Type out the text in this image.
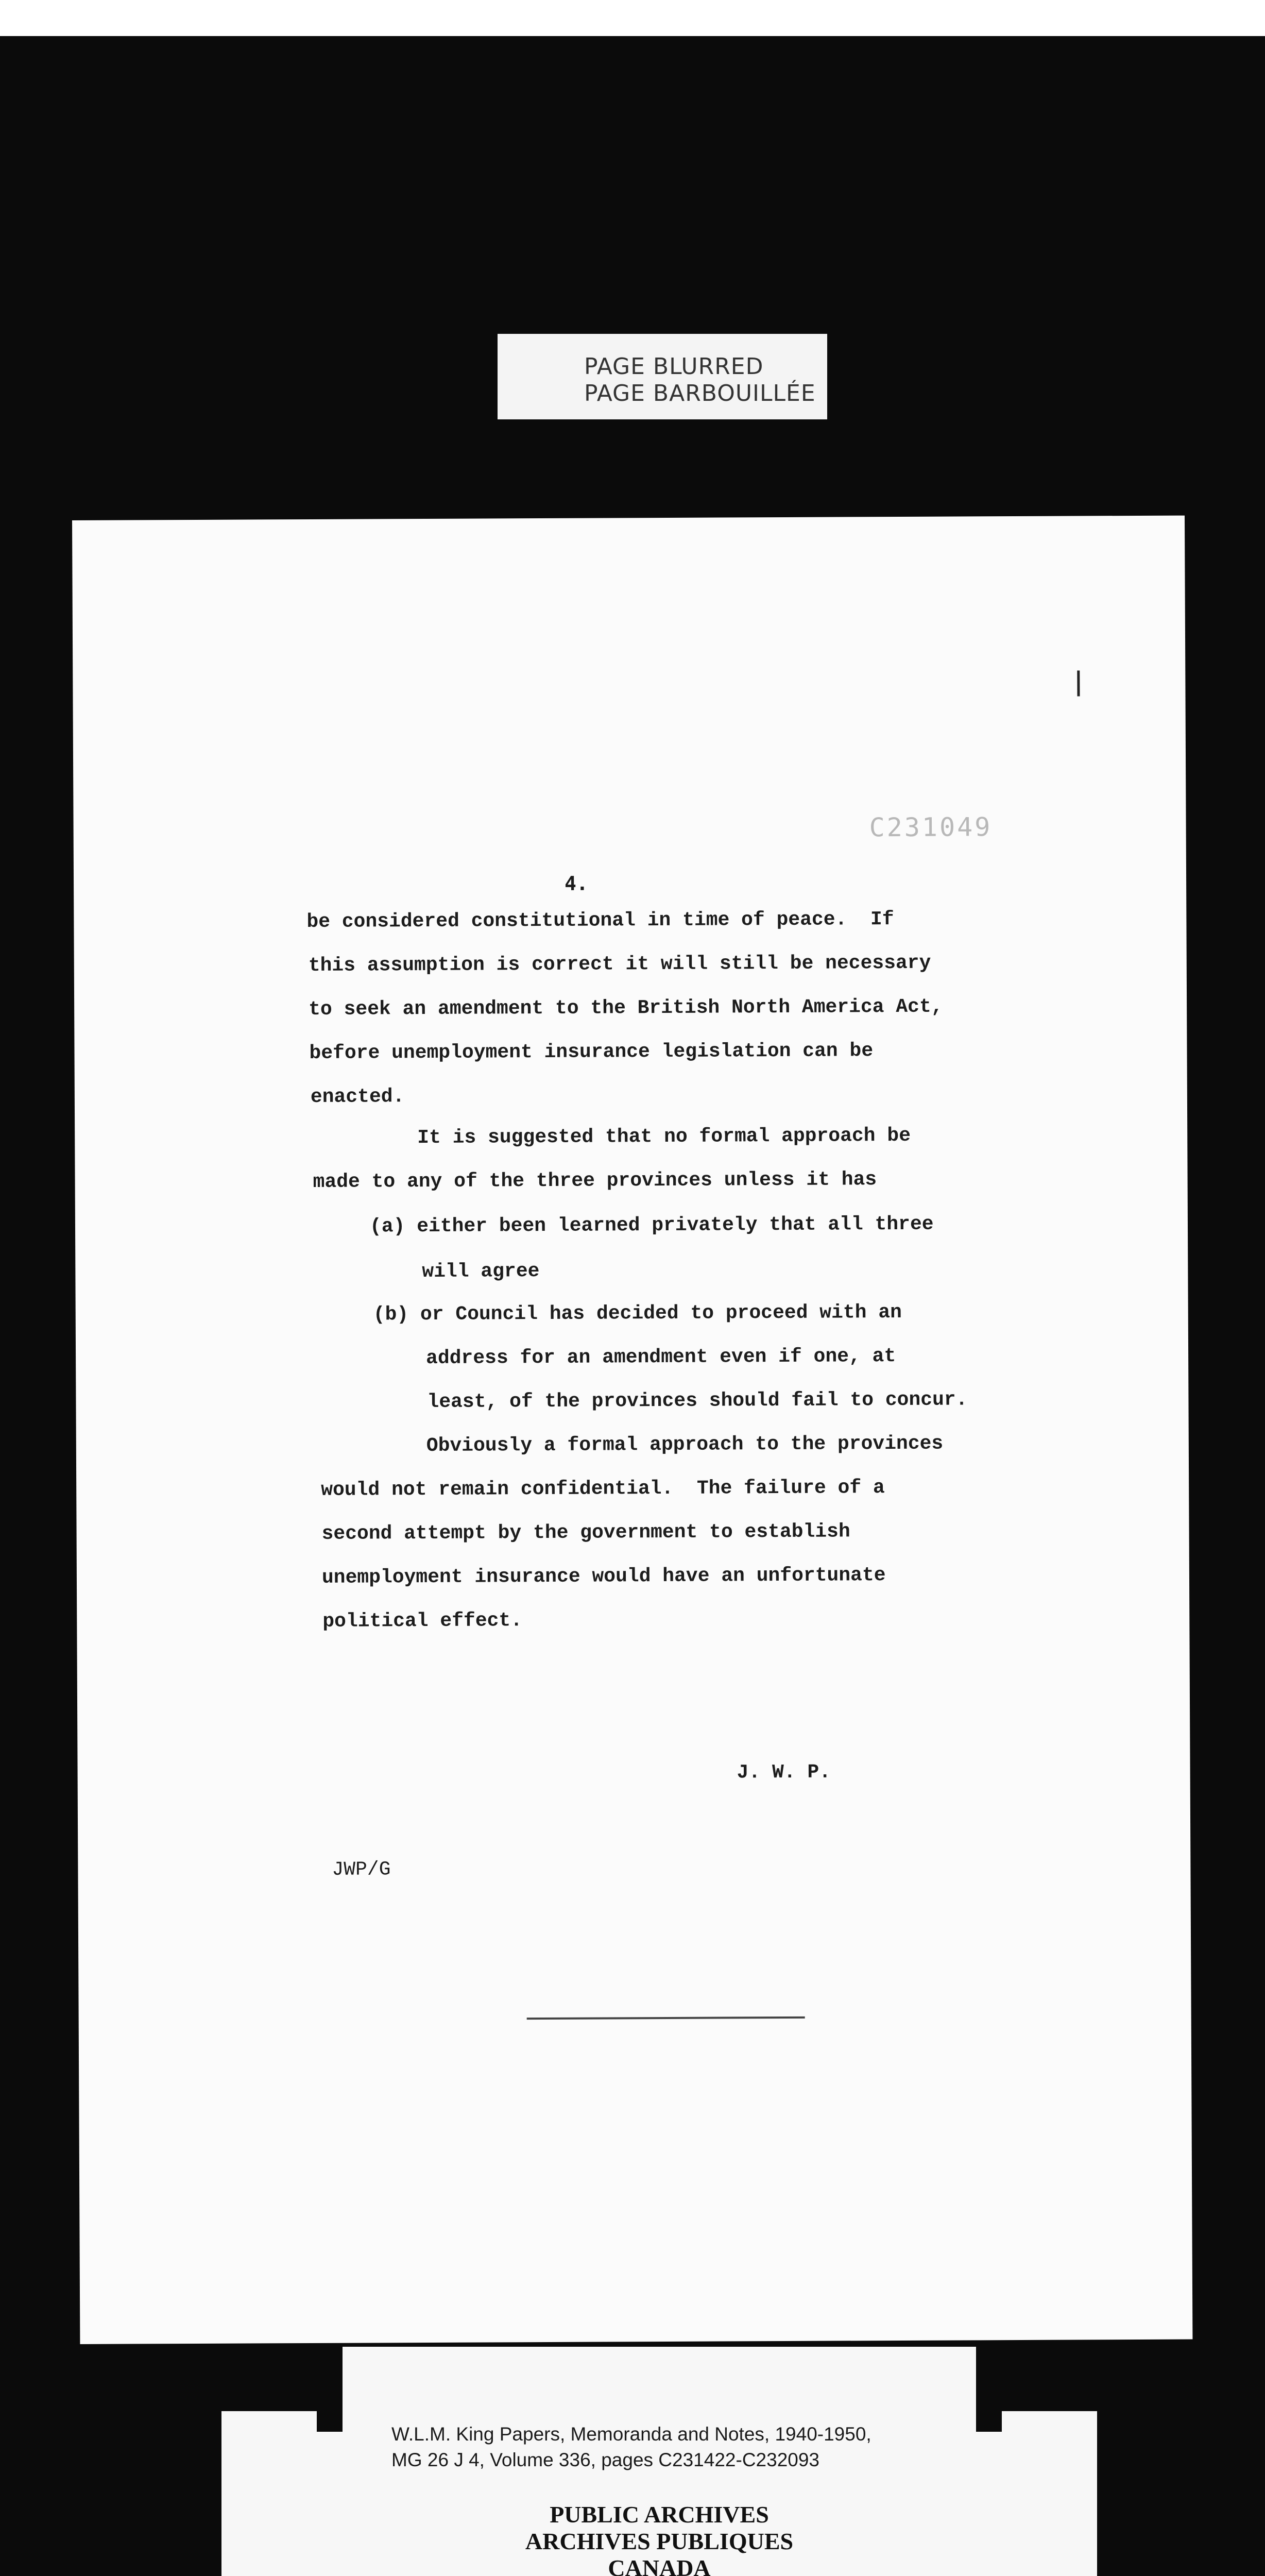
PAGE BLURRED
PAGE BARBOUILLÉE
C231049
4.
be considered constitutional in time of peace.  If
this assumption is correct it will still be necessary
to seek an amendment to the British North America Act,
before unemployment insurance legislation can be
enacted.
It is suggested that no formal approach be
made to any of the three provinces unless it has
(a) either been learned privately that all three
will agree
(b) or Council has decided to proceed with an
address for an amendment even if one, at
least, of the provinces should fail to concur.
Obviously a formal approach to the provinces
would not remain confidential.  The failure of a
second attempt by the government to establish
unemployment insurance would have an unfortunate
political effect.
J. W. P.
JWP/G
W.L.M. King Papers, Memoranda and Notes, 1940-1950,
MG 26 J 4, Volume 336, pages C231422-C232093
PUBLIC ARCHIVES
ARCHIVES PUBLIQUES
CANADA
